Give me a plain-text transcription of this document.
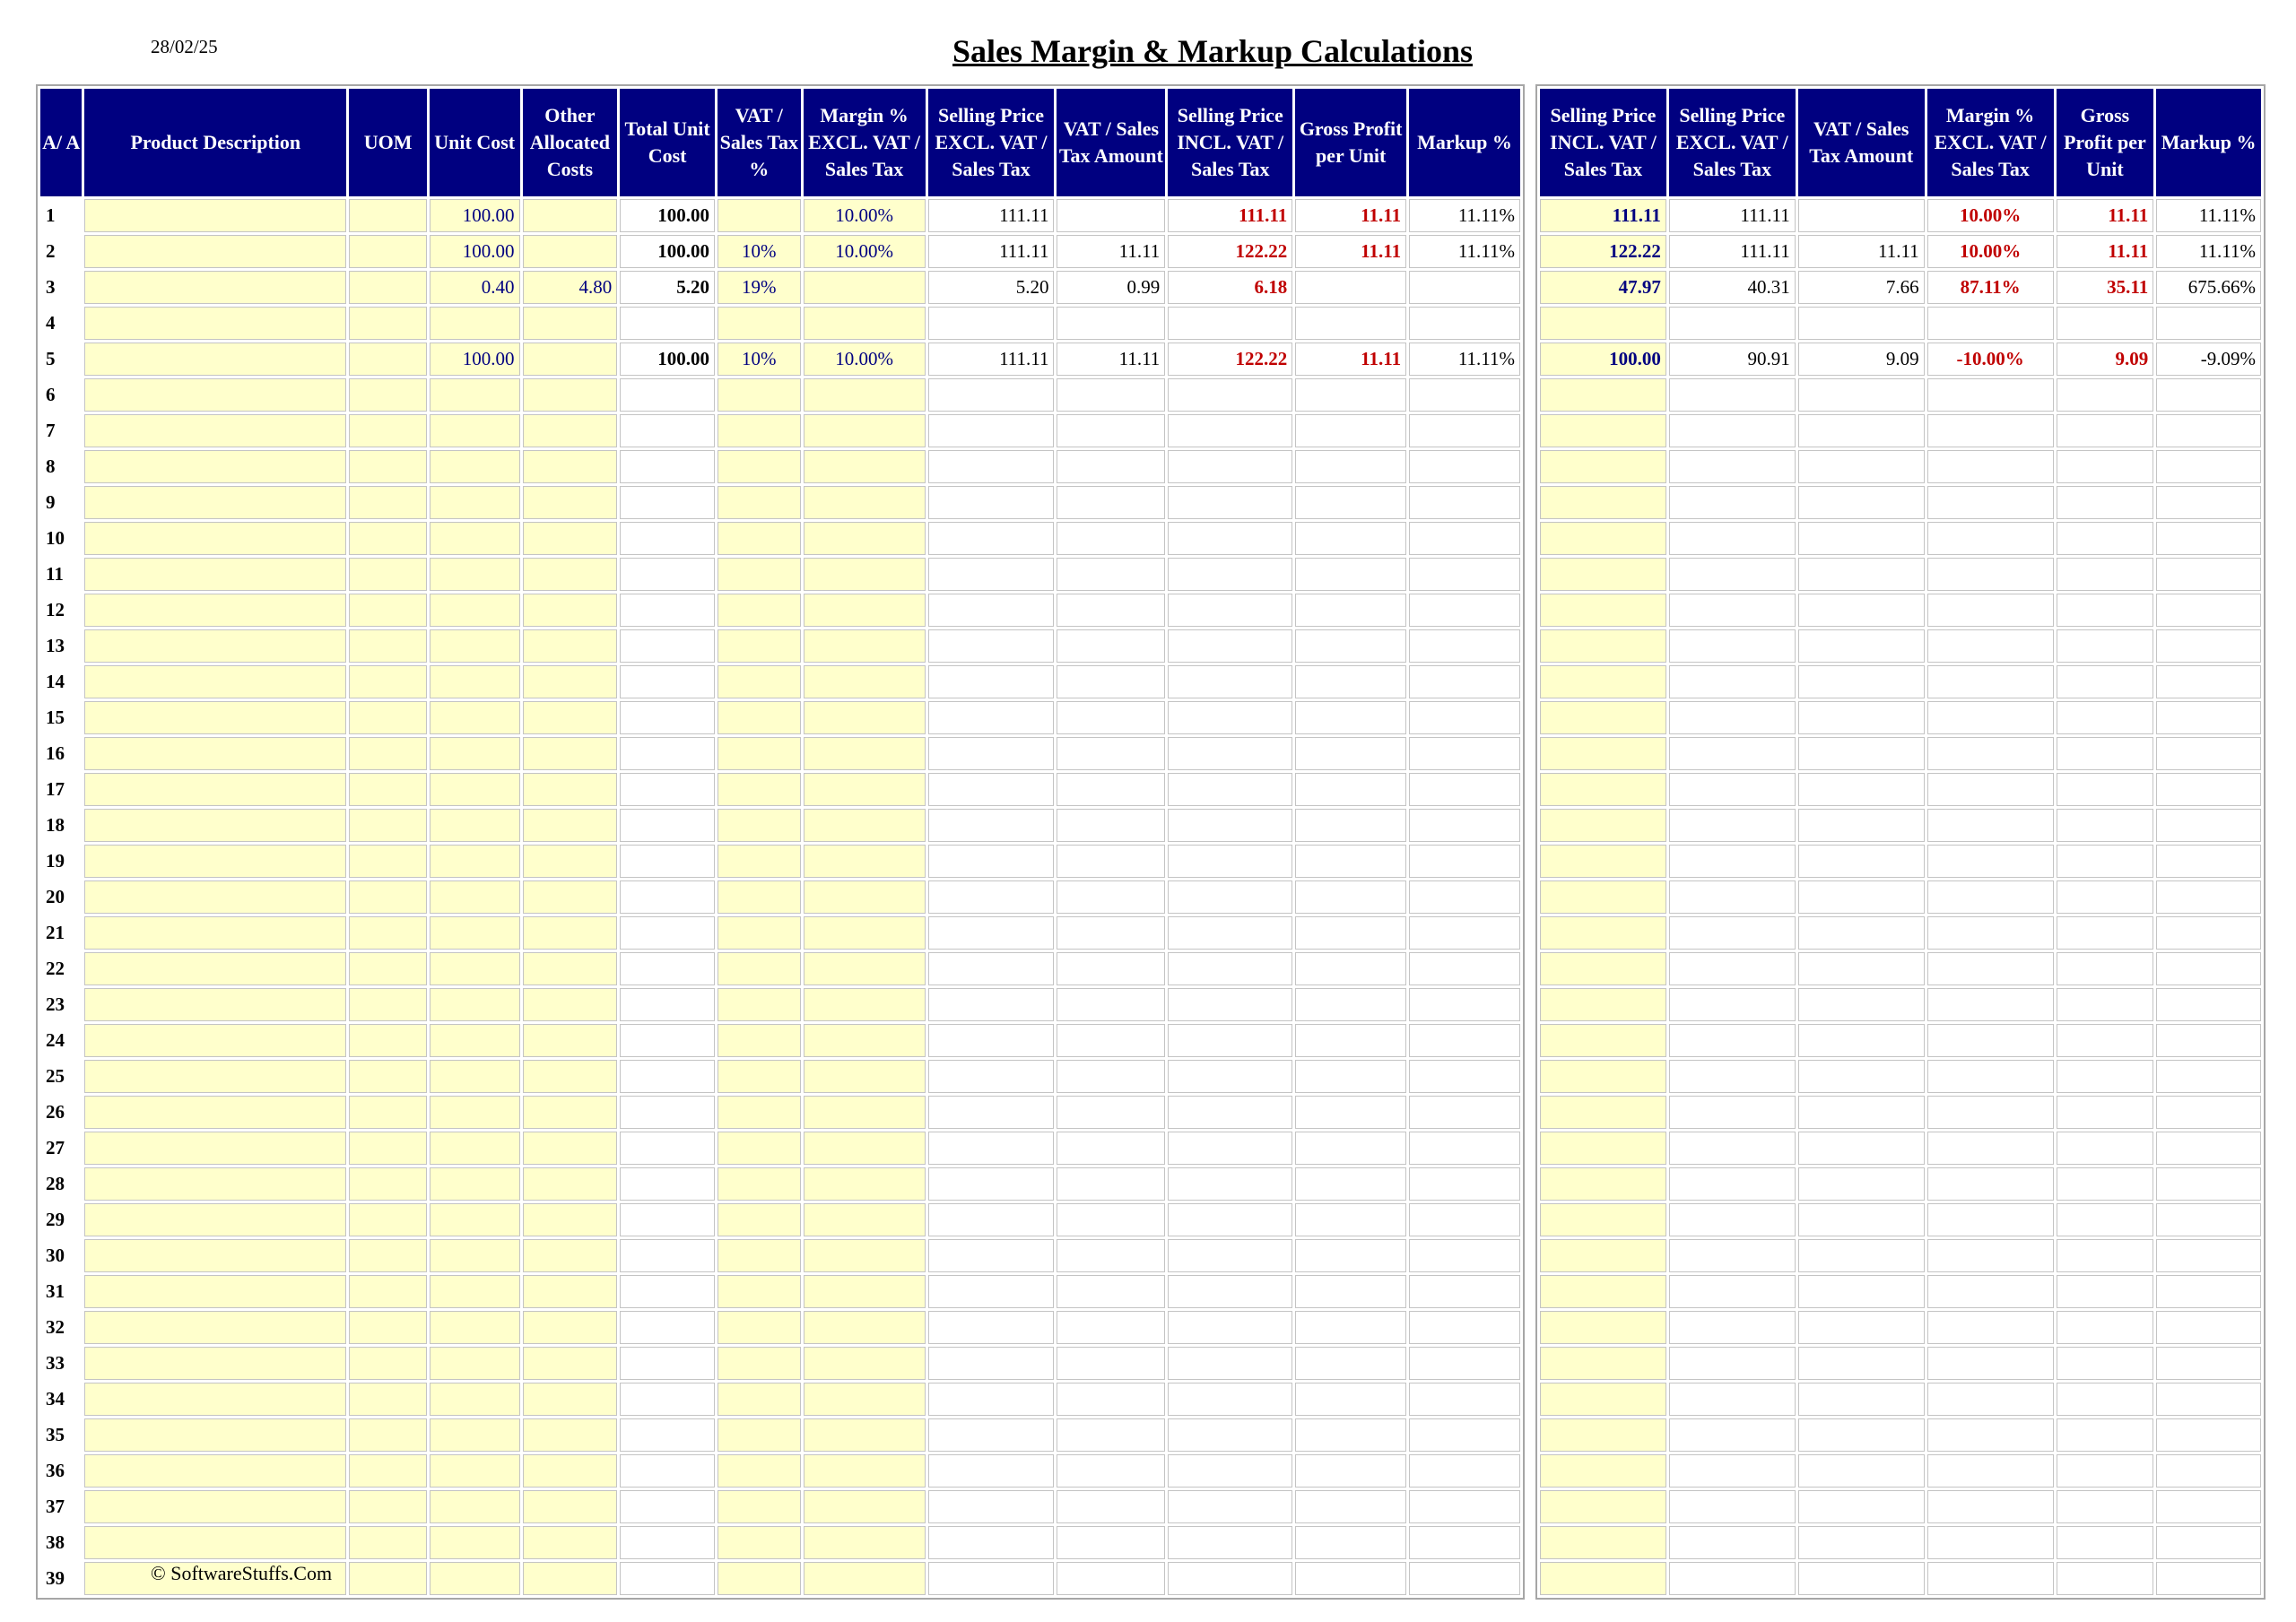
28/02/25	Sales Margin & Markup Calculations
A/ A	Product Description	UOM	Unit Cost	Other Allocated Costs	Total Unit Cost	VAT / Sales Tax %	Margin % EXCL. VAT / Sales Tax	Selling Price EXCL. VAT / Sales Tax	VAT / Sales Tax Amount	Selling Price INCL. VAT / Sales Tax	Gross Profit per Unit	Markup %
1			100.00		100.00		10.00%	111.11		111.11	11.11	11.11%
2			100.00		100.00	10%	10.00%	111.11	11.11	122.22	11.11	11.11%
3			0.40	4.80	5.20	19%		5.20	0.99	6.18		
4												
5			100.00		100.00	10%	10.00%	111.11	11.11	122.22	11.11	11.11%
6												
7												
8												
9												
10												
11												
12												
13												
14												
15												
16												
17												
18												
19												
20												
21												
22												
23												
24												
25												
26												
27												
28												
29												
30												
31												
32												
33												
34												
35												
36												
37												
38												
39												
Selling Price INCL. VAT / Sales Tax	Selling Price EXCL. VAT / Sales Tax	VAT / Sales Tax Amount	Margin % EXCL. VAT / Sales Tax	Gross Profit per Unit	Markup %
111.11	111.11		10.00%	11.11	11.11%
122.22	111.11	11.11	10.00%	11.11	11.11%
47.97	40.31	7.66	87.11%	35.11	675.66%

100.00	90.91	9.09	-10.00%	9.09	-9.09%

© SoftwareStuffs.Com
